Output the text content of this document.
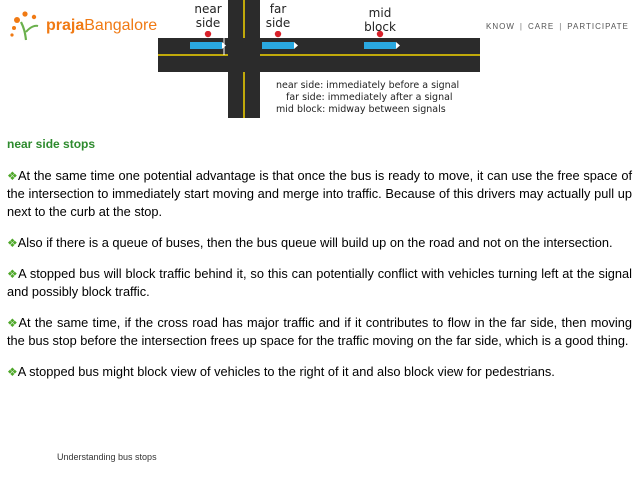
prajaBangalore	KNOW | CARE | PARTICIPATE
near
side
far
side
mid
block
near side: immediately before a signal
far side: immediately after a signal
mid block: midway between signals
near side stops

❖At the same time one potential advantage is that once the bus is ready to move, it can use the free space of the intersection to immediately start moving and merge into traffic. Because of this drivers may actually pull up next to the curb at the stop.

❖Also if there is a queue of buses, then the bus queue will build up on the road and not on the intersection.

❖A stopped bus will block traffic behind it, so this can potentially conflict with vehicles turning left at the signal and possibly block traffic.

❖At the same time, if the cross road has major traffic and if it contributes to flow in the far side, then moving the bus stop before the intersection frees up space for the traffic moving on the far side, which is a good thing.

❖A stopped bus might block view of vehicles to the right of it and also block view for pedestrians.

Understanding bus stops
